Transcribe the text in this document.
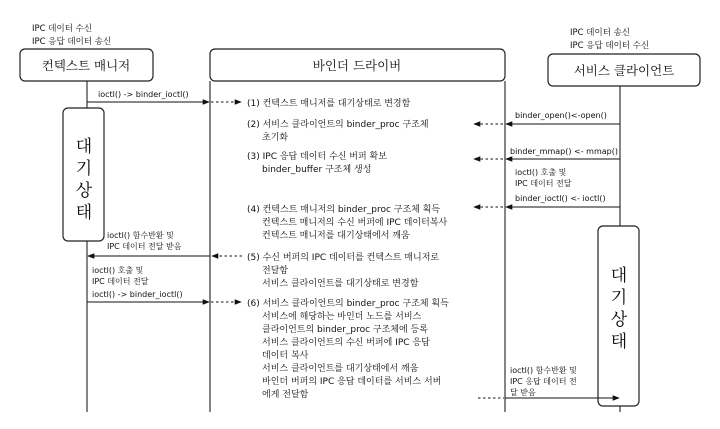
IPC 데이터 수신
IPC 응답 데이터 송신
IPC 데이터 송신
IPC 응답 데이터 수신
컨텍스트 매니저	바인더 드라이버	서비스 클라이언트
대
기
상
태
대
기
상
태
ioctl() -> binder_ioctl()
binder_open()<-open()
binder_mmap() <- mmap()
ioctl() 호출 및
IPC 데이터 전달
binder_ioctl() <- ioctl()
ioctl() 함수반환 및
IPC 데이터 전달 받음
ioctl() 호출 및
IPC 데이터 전달
ioctl() -> binder_ioctl()
ioctl() 함수반환 및
IPC 응답 데이터 전
달 받음
(1) 컨텍스트 매니저를 대기상태로 변경함
(2) 서비스 클라이언트의 binder_proc 구조체
초기화
(3) IPC 응답 데이터 수신 버퍼 확보
binder_buffer 구조체 생성
(4) 컨텍스트 매니저의 binder_proc 구조체 획득
컨텍스트 매니저의 수신 버퍼에 IPC 데이터복사
컨텍스트 매니저를 대기상태에서 깨움
(5) 수신 버퍼의 IPC 데이터를 컨텍스트 매니저로
전달함
서비스 클라이언트를 대기상태로 변경함
(6) 서비스 클라이언트의 binder_proc 구조체 획득
서비스에 해당하는 바인더 노드를 서비스
클라이언트의 binder_proc 구조체에 등록
서비스 클라이언트의 수신 버퍼에 IPC 응답
데이터 복사
서비스 클라이언트를 대기상태에서 깨움
바인더 버퍼의 IPC 응답 데이터를 서비스 서버
에게 전달함
